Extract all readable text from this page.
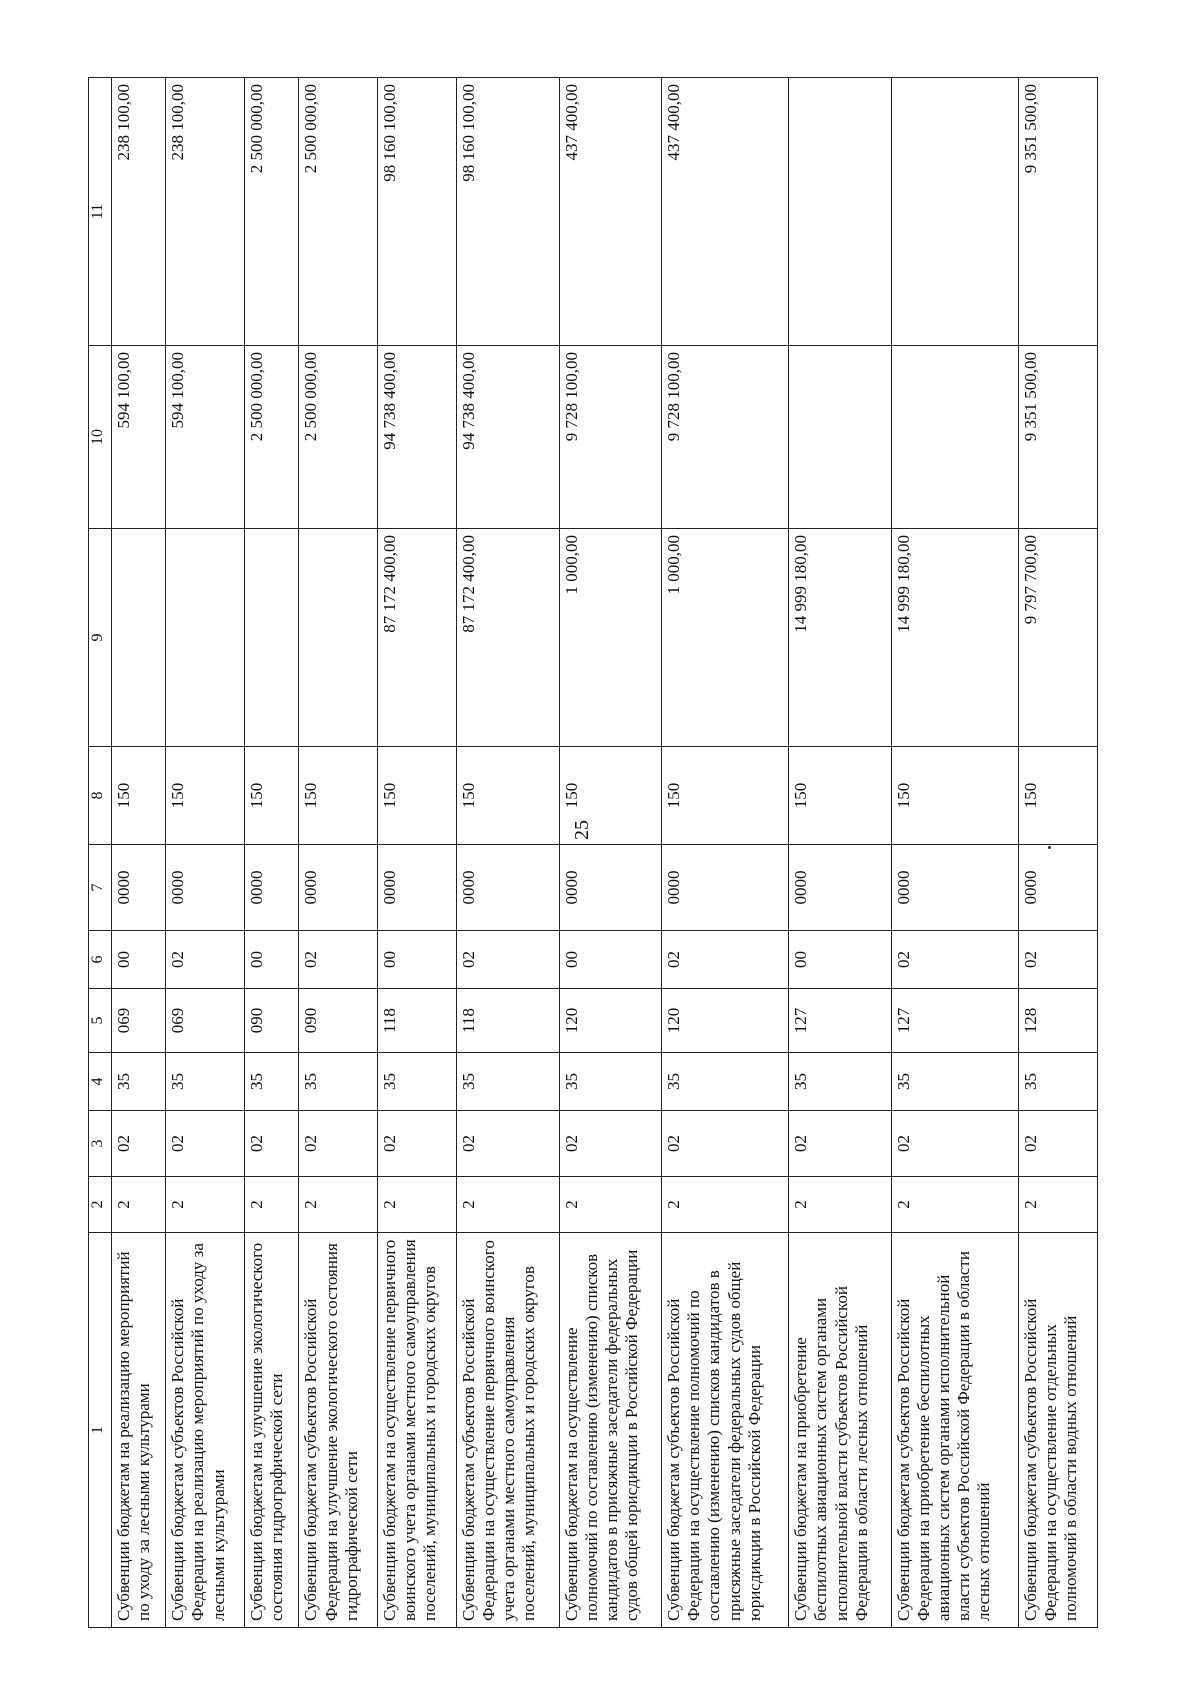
25
1	2	3	4	5	6	7	8	9	10	11
Субвенции бюджетам на реализацию мероприятий по уходу за лесными культурами	2	02	35	069	00	0000	150		594 100,00	238 100,00
Субвенции бюджетам субъектов Российской Федерации на реализацию мероприятий по уходу за лесными культурами	2	02	35	069	02	0000	150		594 100,00	238 100,00
Субвенции бюджетам на улучшение экологического состояния гидрографической сети	2	02	35	090	00	0000	150		2 500 000,00	2 500 000,00
Субвенции бюджетам субъектов Российской Федерации на улучшение экологического состояния гидрографической сети	2	02	35	090	02	0000	150		2 500 000,00	2 500 000,00
Субвенции бюджетам на осуществление первичного воинского учета органами местного самоуправления поселений, муниципальных и городских округов	2	02	35	118	00	0000	150	87 172 400,00	94 738 400,00	98 160 100,00
Субвенции бюджетам субъектов Российской Федерации на осуществление первичного воинского учета органами местного самоуправления поселений, муниципальных и городских округов	2	02	35	118	02	0000	150	87 172 400,00	94 738 400,00	98 160 100,00
Субвенции бюджетам на осуществление полномочий по составлению (изменению) списков кандидатов в присяжные заседатели федеральных судов общей юрисдикции в Российской Федерации	2	02	35	120	00	0000	150	1 000,00	9 728 100,00	437 400,00
Субвенции бюджетам субъектов Российской Федерации на осуществление полномочий по составлению (изменению) списков кандидатов в присяжные заседатели федеральных судов общей юрисдикции в Российской Федерации	2	02	35	120	02	0000	150	1 000,00	9 728 100,00	437 400,00
Субвенции бюджетам на приобретение беспилотных авиационных систем органами исполнительной власти субъектов Российской Федерации в области лесных отношений	2	02	35	127	00	0000	150	14 999 180,00		
Субвенции бюджетам субъектов Российской Федерации на приобретение беспилотных авиационных систем органами исполнительной власти субъектов Российской Федерации в области лесных отношений	2	02	35	127	02	0000	150	14 999 180,00		
Субвенции бюджетам субъектов Российской Федерации на осуществление отдельных полномочий в области водных отношений	2	02	35	128	02	0000	150	9 797 700,00	9 351 500,00	9 351 500,00
